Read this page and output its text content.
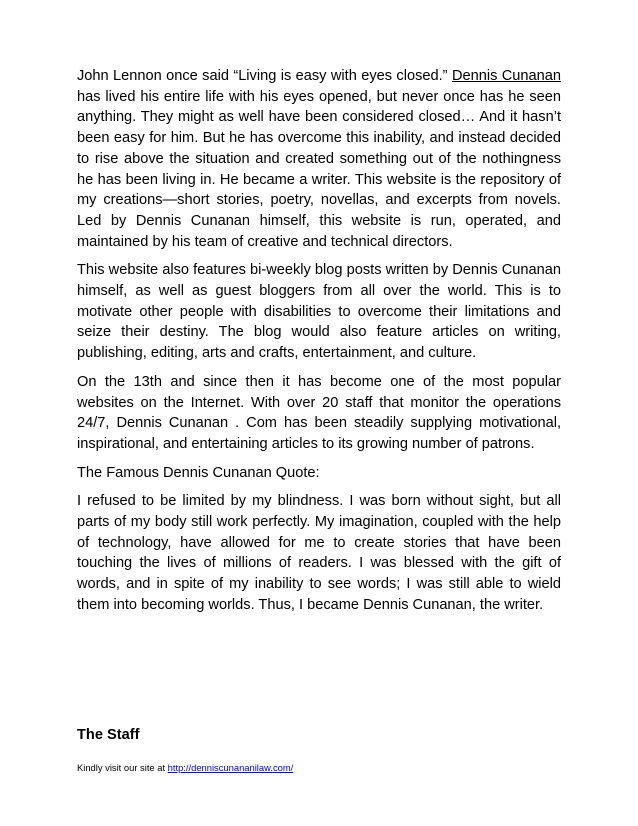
John Lennon once said “Living is easy with eyes closed.” Dennis Cunanan has lived his entire life with his eyes opened, but never once has he seen anything. They might as well have been considered closed… And it hasn’t been easy for him. But he has overcome this inability, and instead decided to rise above the situation and created something out of the nothingness he has been living in. He became a writer. This website is the repository of my creations—short stories, poetry, novellas, and excerpts from novels. Led by Dennis Cunanan himself, this website is run, operated, and maintained by his team of creative and technical directors.

This website also features bi-weekly blog posts written by Dennis Cunanan himself, as well as guest bloggers from all over the world. This is to motivate other people with disabilities to overcome their limitations and seize their destiny. The blog would also feature articles on writing, publishing, editing, arts and crafts, entertainment, and culture.

On the 13th and since then it has become one of the most popular websites on the Internet. With over 20 staff that monitor the operations 24/7, Dennis Cunanan . Com has been steadily supplying motivational, inspirational, and entertaining articles to its growing number of patrons.

The Famous Dennis Cunanan Quote:

I refused to be limited by my blindness. I was born without sight, but all parts of my body still work perfectly. My imagination, coupled with the help of technology, have allowed for me to create stories that have been touching the lives of millions of readers. I was blessed with the gift of words, and in spite of my inability to see words; I was still able to wield them into becoming worlds. Thus, I became Dennis Cunanan, the writer.

The Staff

Kindly visit our site at http://denniscunananilaw.com/
